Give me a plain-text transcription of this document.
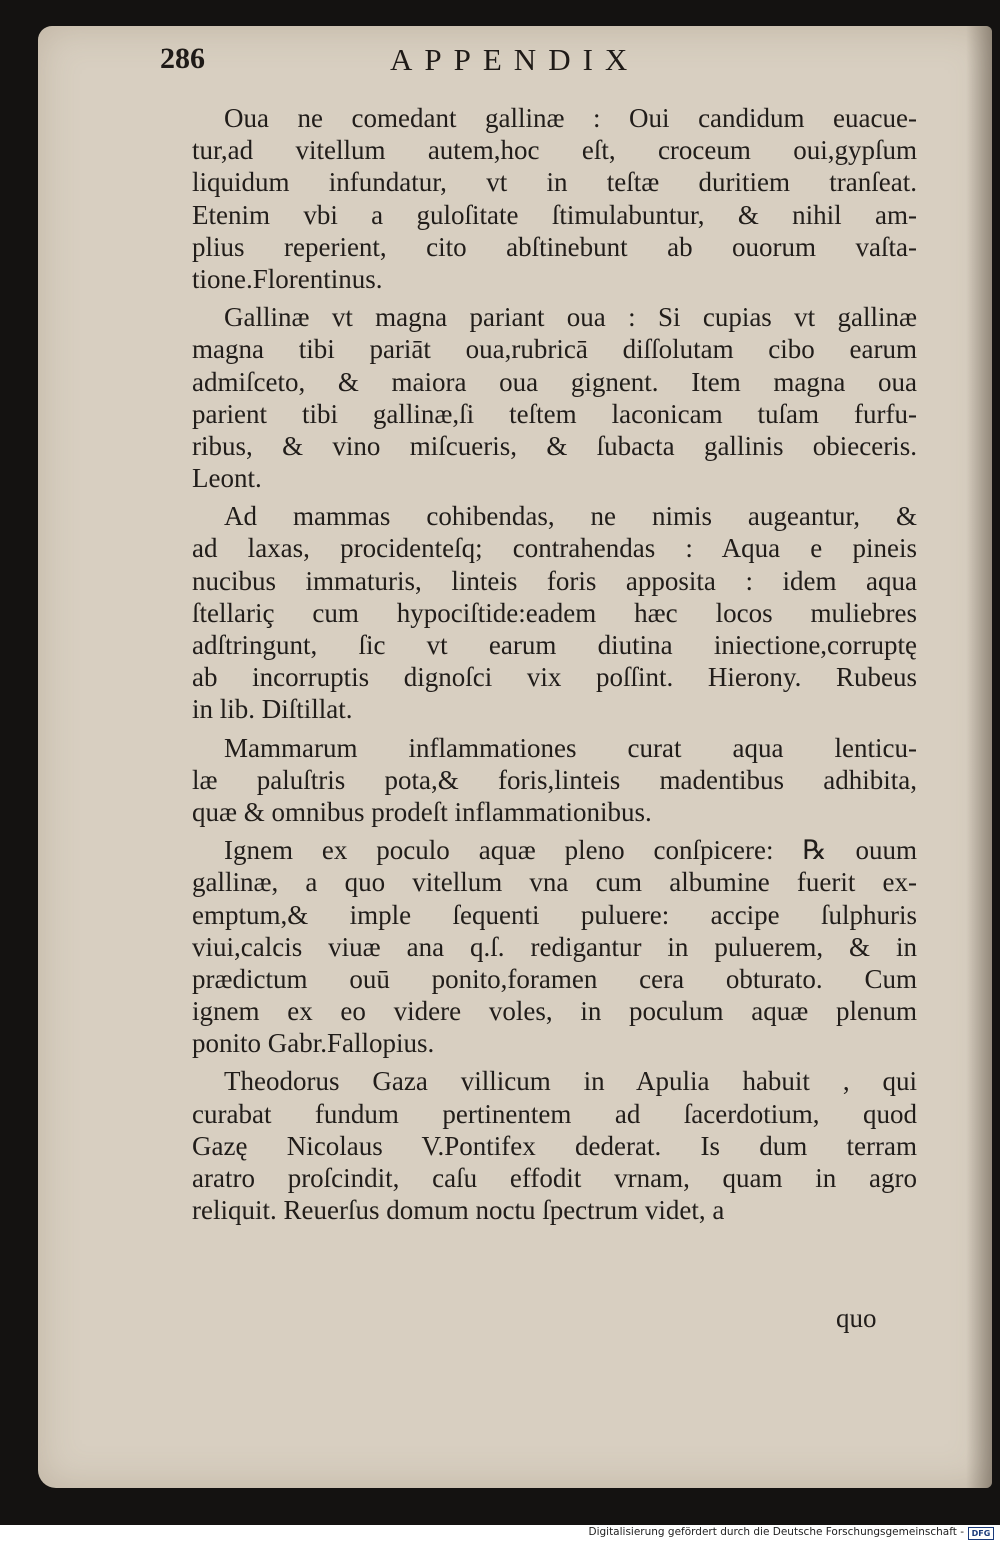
286	APPENDIX
Oua ne comedant gallinæ : Oui candidum euacue-
tur,ad vitellum autem,hoc eſt, croceum oui,gypſum
liquidum infundatur, vt in teſtæ duritiem tranſeat.
Etenim vbi a guloſitate ſtimulabuntur, & nihil am-
plius reperient, cito abſtinebunt ab ouorum vaſta-
tione.Florentinus.
Gallinæ vt magna pariant oua : Si cupias vt gallinæ
magna tibi pariāt oua,rubricā diſſolutam cibo earum
admiſceto, & maiora oua gignent. Item magna oua
parient tibi gallinæ,ſi teſtem laconicam tuſam furfu-
ribus, & vino miſcueris, & ſubacta gallinis obieceris.
Leont.
Ad mammas cohibendas, ne nimis augeantur, &
ad laxas, procidenteſq; contrahendas : Aqua e pineis
nucibus immaturis, linteis foris apposita : idem aqua
ſtellariç cum hypociſtide:eadem hæc locos muliebres
adſtringunt, ſic vt earum diutina iniectione,corruptę
ab incorruptis dignoſci vix poſſint. Hierony. Rubeus
in lib. Diſtillat.
Mammarum inflammationes curat aqua lenticu-
læ paluſtris pota,& foris,linteis madentibus adhibita,
quæ & omnibus prodeſt inflammationibus.
Ignem ex poculo aquæ pleno conſpicere: ℞ ouum
gallinæ, a quo vitellum vna cum albumine fuerit ex-
emptum,& imple ſequenti puluere: accipe ſulphuris
viui,calcis viuæ ana q.ſ. redigantur in puluerem, & in
prædictum ouū ponito,foramen cera obturato. Cum
ignem ex eo videre voles, in poculum aquæ plenum
ponito Gabr.Fallopius.
Theodorus Gaza villicum in Apulia habuit , qui
curabat fundum pertinentem ad ſacerdotium, quod
Gazę Nicolaus V.Pontifex dederat. Is dum terram
aratro proſcindit, caſu effodit vrnam, quam in agro
reliquit. Reuerſus domum noctu ſpectrum videt, a
quo
Digitalisierung gefördert durch die Deutsche Forschungsgemeinschaft - DFG
